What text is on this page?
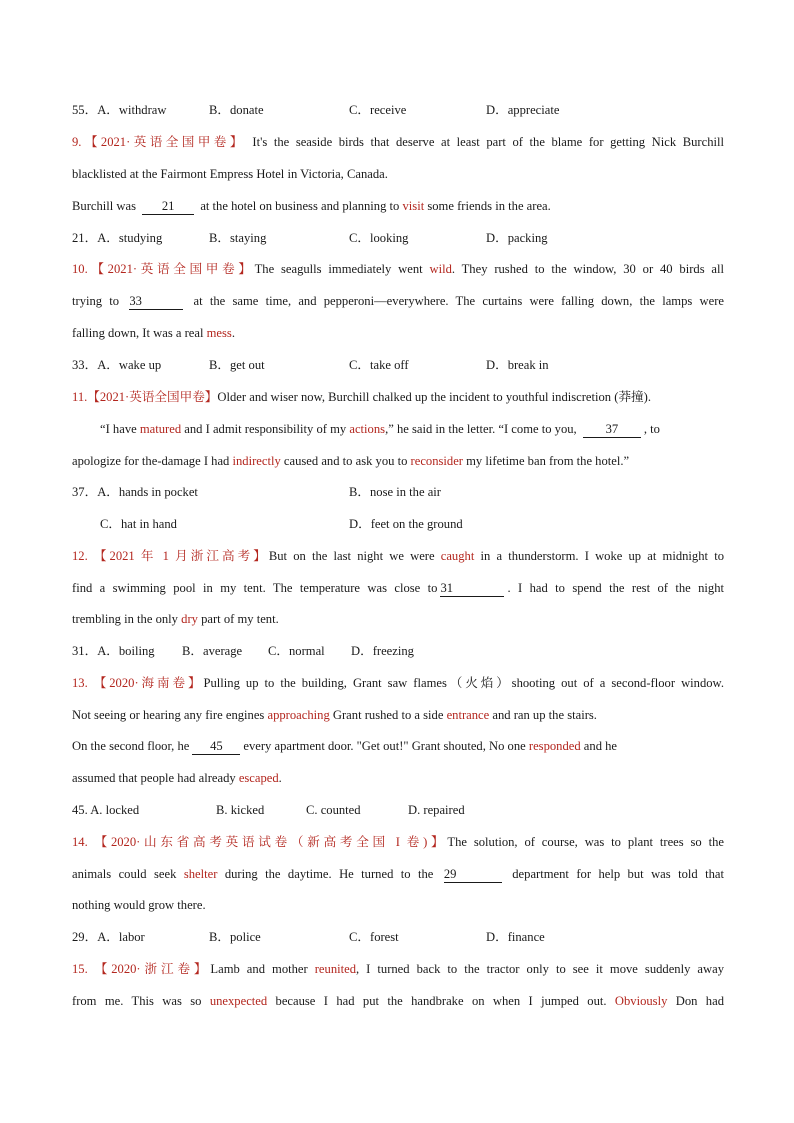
55．A．withdraw	B．donate	C．receive	D．appreciate
9.【2021·英语全国甲卷】 It's the seaside birds that deserve at least part of the blame for getting Nick Burchill
blacklisted at the Fairmont Empress Hotel in Victoria, Canada.
Burchill was 21 at the hotel on business and planning to visit some friends in the area.
21．A．studying	B．staying	C．looking	D．packing
10.【2021·英语全国甲卷】The seagulls immediately went wild. They rushed to the window, 30 or 40 birds all
trying to 33	at the same time, and pepperoni—everywhere. The curtains were falling down, the lamps were
falling down, It was a real mess.
33．A．wake up	B．get out	C．take off	D．break in
11.【2021·英语全国甲卷】Older and wiser now, Burchill chalked up the incident to youthful indiscretion (莽撞).
“I have matured and I admit responsibility of my actions,” he said in the letter. “I come to you, 37 , to
apologize for the-damage I had indirectly caused and to ask you to reconsider my lifetime ban from the hotel.”
37．A．hands in pocket	B．nose in the air
C．hat in hand	D．feet on the ground
12. 【2021 年 1 月浙江高考】But on the last night we were caught in a thunderstorm. I woke up at midnight to
find a swimming pool in my tent. The temperature was close to 31	. I had to spend the rest of the night
trembling in the only dry part of my tent.
31．A．boiling B．average C．normal D．freezing
13. 【2020·海南卷】Pulling up to the building, Grant saw flames（火焰）shooting out of a second-floor window.
Not seeing or hearing any fire engines approaching Grant rushed to a side entrance and ran up the stairs.
On the second floor, he 45 every apartment door. "Get out!" Grant shouted, No one responded and he
assumed that people had already escaped.
45. A. locked	B. kicked	C. counted	D. repaired
14. 【2020·山东省高考英语试卷（新高考全国 I 卷)】The solution, of course, was to plant trees so the
animals could seek shelter during the daytime. He turned to the 29	department for help but was told that
nothing would grow there.
29．A．labor	B．police	C．forest	D．finance
15. 【2020·浙江卷】Lamb and mother reunited, I turned back to the tractor only to see it move suddenly away
from me. This was so unexpected because I had put the handbrake on when I jumped out. Obviously Don had
